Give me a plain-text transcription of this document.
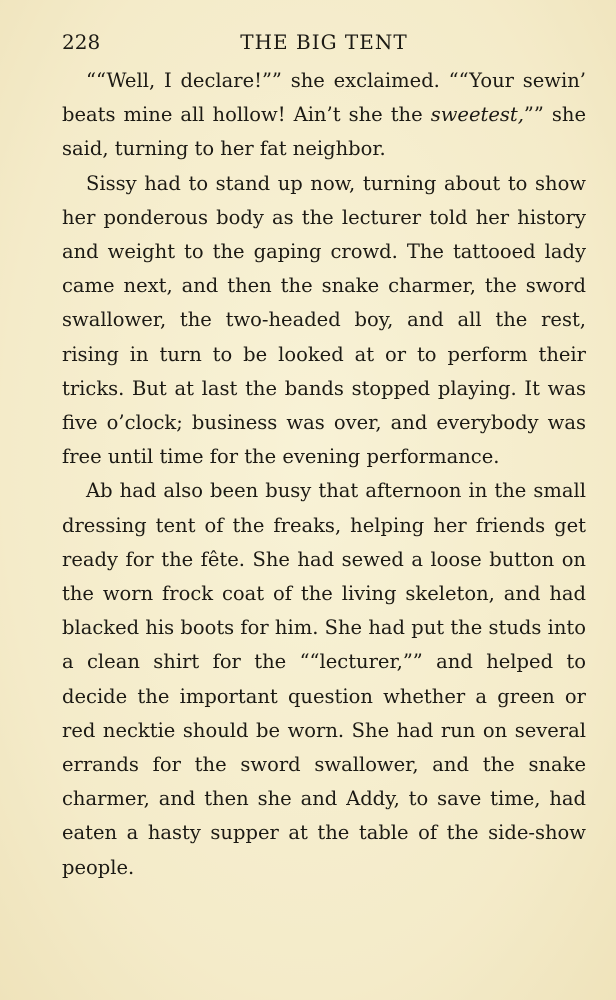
228	THE BIG TENT

““Well, I declare!”” she exclaimed. ““Your sewin’ beats mine all hollow! Ain’t she the sweetest,”” she said, turning to her fat neighbor.

Sissy had to stand up now, turning about to show her ponderous body as the lecturer told her history and weight to the gaping crowd. The tattooed lady came next, and then the snake charmer, the sword swallower, the two-headed boy, and all the rest, rising in turn to be looked at or to perform their tricks. But at last the bands stopped playing. It was five o’clock; business was over, and everybody was free until time for the evening performance.

Ab had also been busy that afternoon in the small dressing tent of the freaks, helping her friends get ready for the fête. She had sewed a loose button on the worn frock coat of the living skeleton, and had blacked his boots for him. She had put the studs into a clean shirt for the ““lecturer,”” and helped to decide the important question whether a green or red necktie should be worn. She had run on several errands for the sword swallower, and the snake charmer, and then she and Addy, to save time, had eaten a hasty supper at the table of the side-show people.
